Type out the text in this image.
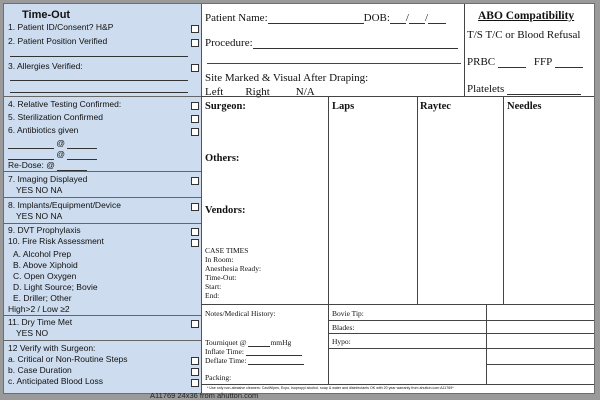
Time-Out
1. Patient ID/Consent? H&P
2. Patient Position Verified
3. Allergies Verified:
4. Relative Testing Confirmed:
5. Sterilization Confirmed
6. Antibiotics given
@
@
Re-Dose: @
7. Imaging Displayed
YES NO NA
8. Implants/Equipment/Device
YES NO NA
9. DVT Prophylaxis
10. Fire Risk Assessment
A. Alcohol Prep
B. Above Xiphoid
C. Open Oxygen
D. Light Source; Bovie
E. Driller; Other
High>2 / Low ≥2
11. Dry Time Met
YES NO
12 Verify with Surgeon:
a. Critical or Non-Routine Steps
b. Case Duration
c. Anticipated Blood Loss
Patient Name:	DOB: / /
Procedure:
Site Marked & Visual After Draping:
Left Right N/A
ABO Compatibility
T/S T/C or Blood Refusal
PRBC	FFP
Platelets
Surgeon:	Laps	Raytec	Needles
Others:
Vendors:
CASE TIMES
In Room:
Anesthesia Ready:
Time-Out:
Start:
End:
Notes/Medical History:
Tourniquet @	mmHg
Inflate Time:
Deflate Time:
Packing:
Bovie Tip:
Blades:
Hypo:
* Use only non-abrasive cleaners: CaviWipes, Expo, Isopropyl alcohol, soap & water and disinfectants OK with 20 year warranty from ahutton.com A11769*
A11769 24x36 from ahutton.com
